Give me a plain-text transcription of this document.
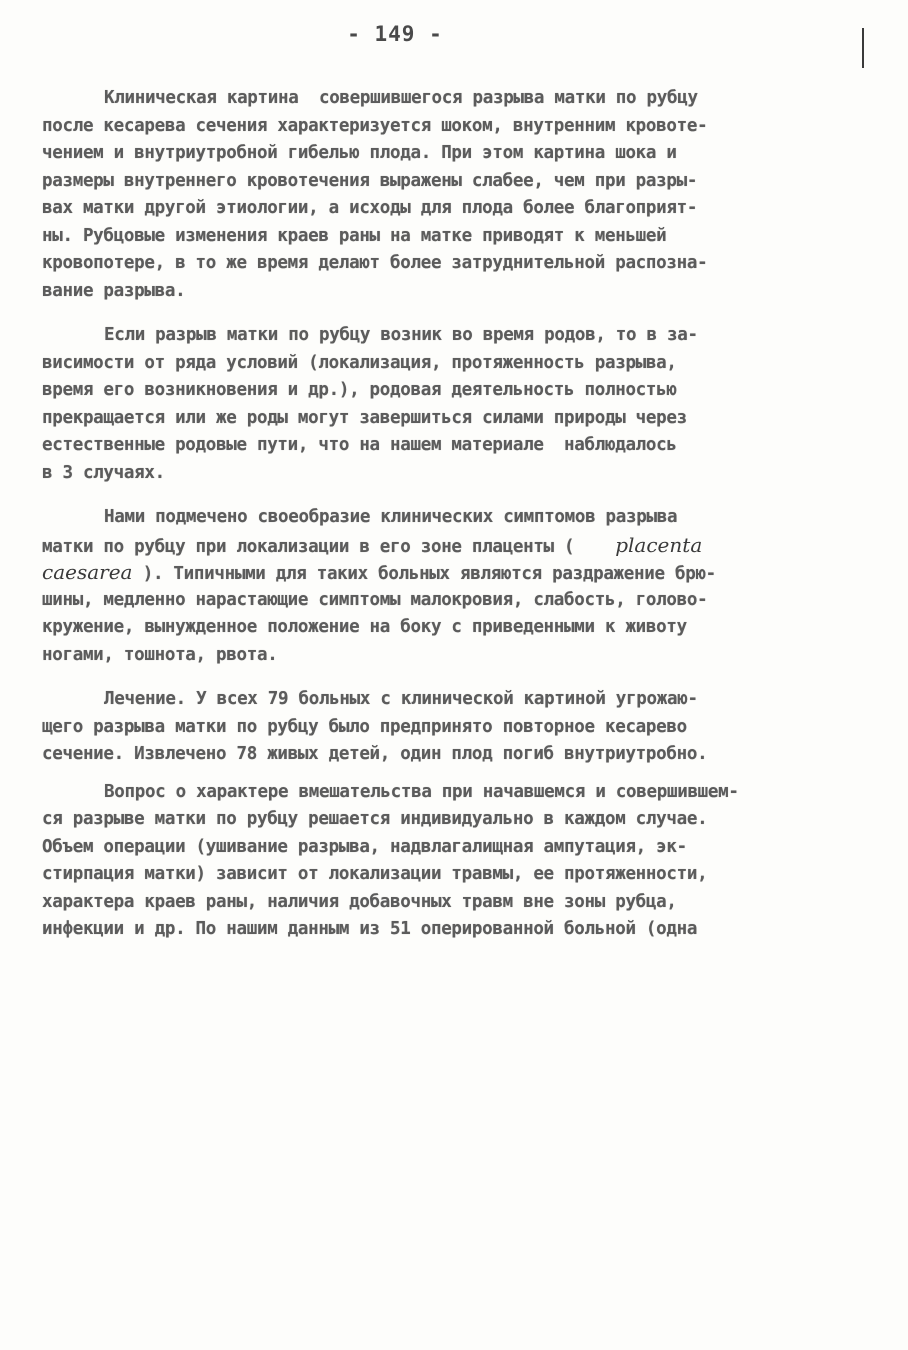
- 149 -
Клиническая картина  совершившегося разрыва матки по рубцу
после кесарева сечения характеризуется шоком, внутренним кровоте-
чением и внутриутробной гибелью плода. При этом картина шока и
размеры внутреннего кровотечения выражены слабее, чем при разры-
вах матки другой этиологии, а исходы для плода более благоприят-
ны. Рубцовые изменения краев раны на матке приводят к меньшей
кровопотере, в то же время делают более затруднительной распозна-
вание разрыва.
Если разрыв матки по рубцу возник во время родов, то в за-
висимости от ряда условий (локализация, протяженность разрыва,
время его возникновения и др.), родовая деятельность полностью
прекращается или же роды могут завершиться силами природы через
естественные родовые пути, что на нашем материале  наблюдалось
в 3 случаях.
Нами подмечено своеобразие клинических симптомов разрыва
матки по рубцу при локализации в его зоне плаценты ( placenta
caesarea ). Типичными для таких больных являются раздражение брю-
шины, медленно нарастающие симптомы малокровия, слабость, голово-
кружение, вынужденное положение на боку с приведенными к животу
ногами, тошнота, рвота.
Лечение. У всех 79 больных с клинической картиной угрожаю-
щего разрыва матки по рубцу было предпринято повторное кесарево
сечение. Извлечено 78 живых детей, один плод погиб внутриутробно.
Вопрос о характере вмешательства при начавшемся и совершившем-
ся разрыве матки по рубцу решается индивидуально в каждом случае.
Объем операции (ушивание разрыва, надвлагалищная ампутация, эк-
стирпация матки) зависит от локализации травмы, ее протяженности,
характера краев раны, наличия добавочных травм вне зоны рубца,
инфекции и др. По нашим данным из 51 оперированной больной (одна
